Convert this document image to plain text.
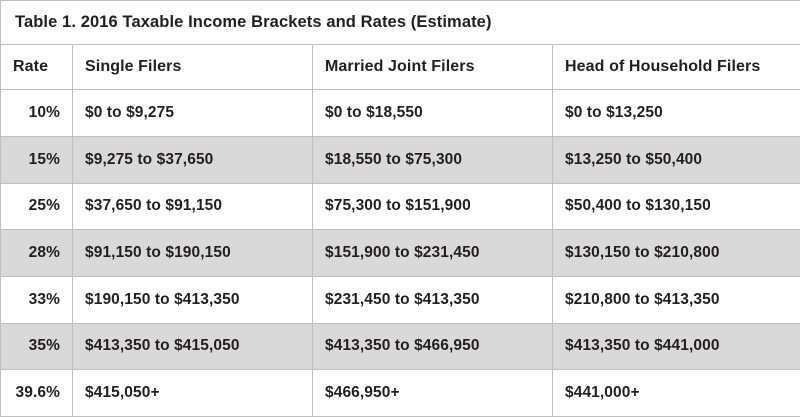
Table 1. 2016 Taxable Income Brackets and Rates (Estimate)			
Rate	Single Filers	Married Joint Filers	Head of Household Filers
10%	$0 to $9,275	$0 to $18,550	$0 to $13,250
15%	$9,275 to $37,650	$18,550 to $75,300	$13,250 to $50,400
25%	$37,650 to $91,150	$75,300 to $151,900	$50,400 to $130,150
28%	$91,150 to $190,150	$151,900 to $231,450	$130,150 to $210,800
33%	$190,150 to $413,350	$231,450 to $413,350	$210,800 to $413,350
35%	$413,350 to $415,050	$413,350 to $466,950	$413,350 to $441,000
39.6%	$415,050+	$466,950+	$441,000+
